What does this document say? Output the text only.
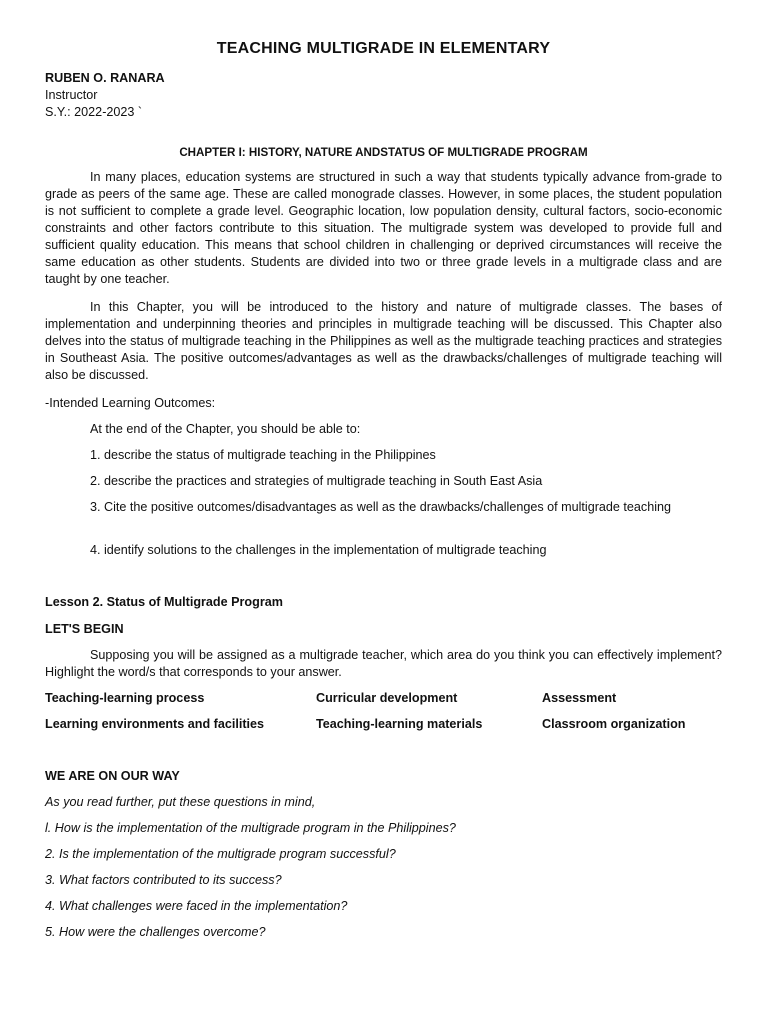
TEACHING MULTIGRADE IN ELEMENTARY
RUBEN O. RANARA
Instructor
S.Y.: 2022-2023 `
CHAPTER I: HISTORY, NATURE ANDSTATUS OF MULTIGRADE PROGRAM

In many places, education systems are structured in such a way that students typically advance from-grade to grade as peers of the same age. These are called monograde classes. However, in some places, the student population is not sufficient to complete a grade level. Geographic location, low population density, cultural factors, socio-economic constraints and other factors contribute to this situation. The multigrade system was developed to provide full and sufficient quality education. This means that school children in challenging or deprived circumstances will receive the same education as other students. Students are divided into two or three grade levels in a multigrade class and are taught by one teacher.

In this Chapter, you will be introduced to the history and nature of multigrade classes. The bases of implementation and underpinning theories and principles in multigrade teaching will be discussed. This Chapter also delves into the status of multigrade teaching in the Philippines as well as the multigrade teaching practices and strategies in Southeast Asia. The positive outcomes/advantages as well as the drawbacks/challenges of multigrade teaching will also be discussed.

-Intended Learning Outcomes:

At the end of the Chapter, you should be able to:

1. describe the status of multigrade teaching in the Philippines

2. describe the practices and strategies of multigrade teaching in South East Asia

3. Cite the positive outcomes/disadvantages as well as the drawbacks/challenges of multigrade teaching

4. identify solutions to the challenges in the implementation of multigrade teaching

Lesson 2. Status of Multigrade Program

LET'S BEGIN

Supposing you will be assigned as a multigrade teacher, which area do you think you can effectively implement? Highlight the word/s that corresponds to your answer.

Teaching-learning process	Curricular development	Assessment
Learning environments and facilities	Teaching-learning materials	Classroom organization

WE ARE ON OUR WAY

As you read further, put these questions in mind,

l. How is the implementation of the multigrade program in the Philippines?

2. Is the implementation of the multigrade program successful?

3. What factors contributed to its success?

4. What challenges were faced in the implementation?

5. How were the challenges overcome?
